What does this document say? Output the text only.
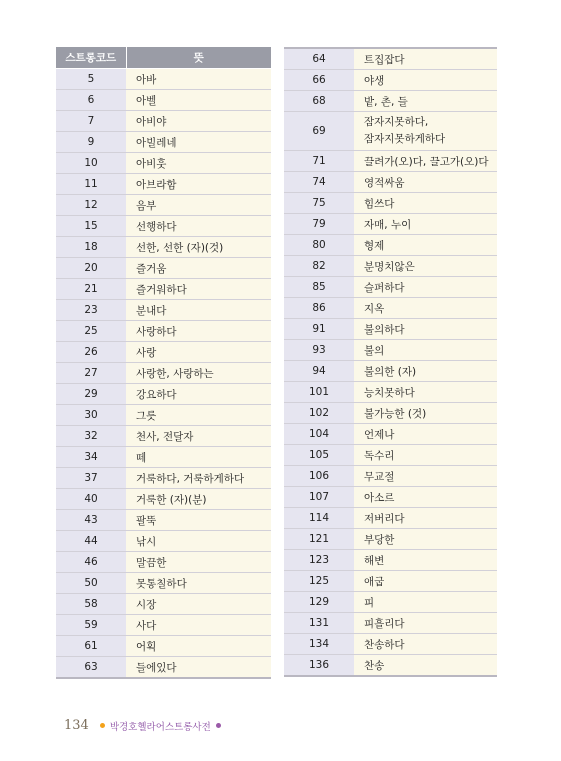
스트롱코드	뜻
5	아바
6	아벨
7	아비야
9	아빌레네
10	아비훗
11	아브라함
12	음부
15	선행하다
18	선한, 선한 (자)(것)
20	즐거움
21	즐거워하다
23	분내다
25	사랑하다
26	사랑
27	사랑한, 사랑하는
29	강요하다
30	그릇
32	천사, 전달자
34	떼
37	거룩하다, 거룩하게하다
40	거룩한 (자)(분)
43	팔뚝
44	낚시
46	말끔한
50	못통칠하다
58	시장
59	사다
61	어획
63	들에있다
64	트집잡다
66	야생
68	밭, 촌, 들
69	잠자지못하다,
잠자지못하게하다

71	끌려가(오)다, 끌고가(오)다
74	영적싸움
75	힘쓰다
79	자매, 누이
80	형제
82	분명치않은
85	슬퍼하다
86	지옥
91	불의하다
93	불의
94	불의한 (자)
101	능치못하다
102	불가능한 (것)
104	언제나
105	독수리
106	무교절
107	아소르
114	저버리다
121	부당한
123	해변
125	애굽
129	피
131	피흘리다
134	찬송하다
136	찬송
134 박경호헬라어스트롱사전
